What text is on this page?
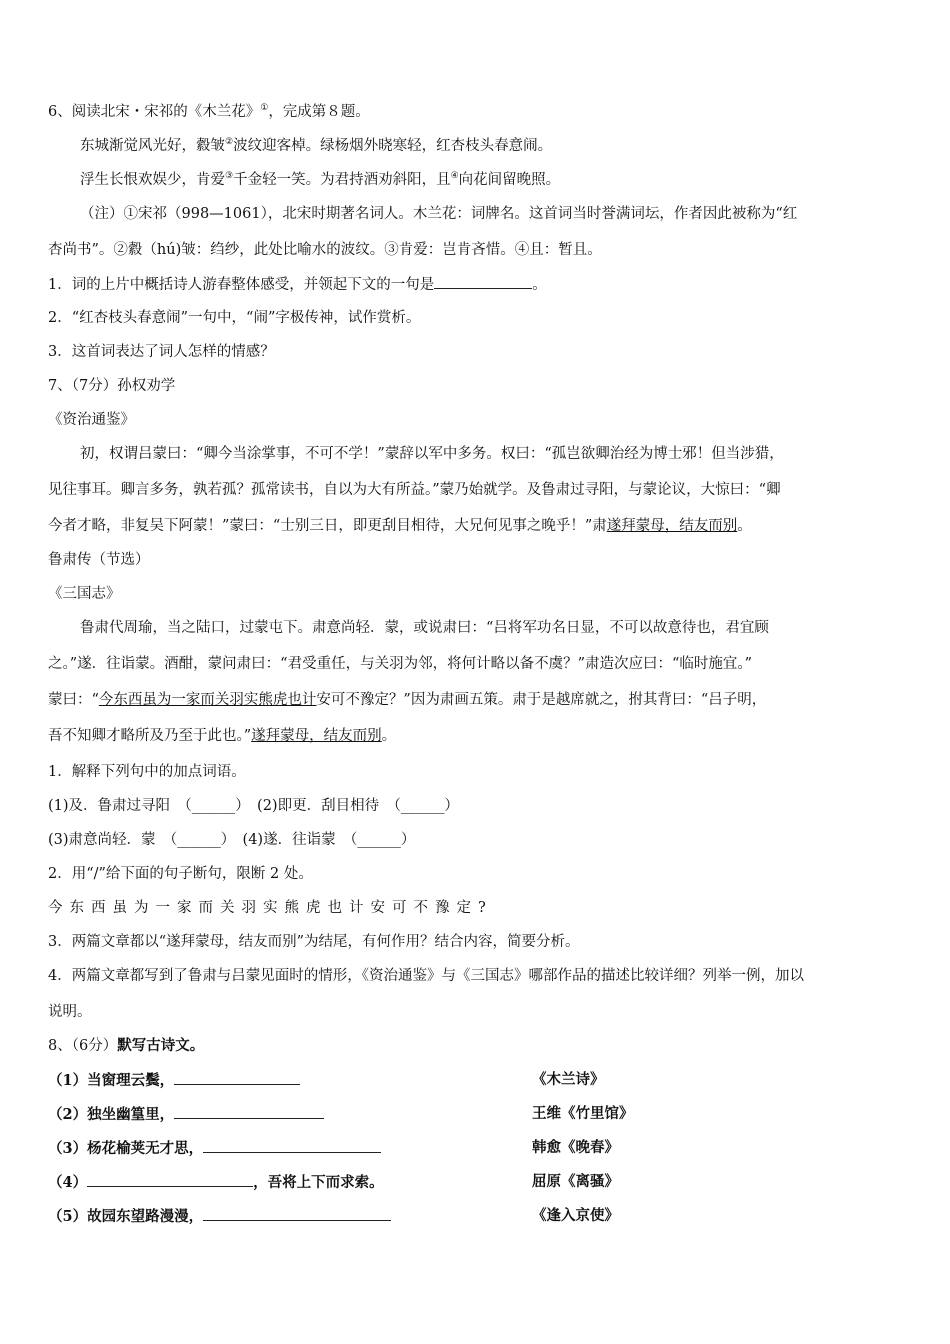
6、阅读北宋・宋祁的《木兰花》①，完成第８题。
东城渐觉风光好，縠皱②波纹迎客棹。绿杨烟外晓寒轻，红杏枝头春意闹。
浮生长恨欢娱少，肯爱③千金轻一笑。为君持酒劝斜阳，且④向花间留晚照。
（注）①宋祁（998—1061），北宋时期著名词人。木兰花：词牌名。这首词当时誉满词坛，作者因此被称为“红
杏尚书”。②縠（hú)皱：绉纱，此处比喻水的波纹。③肯爱：岂肯吝惜。④且：暂且。
1．词的上片中概括诗人游春整体感受，并领起下文的一句是	。
2．“红杏枝头春意闹”一句中，“闹”字极传神，试作赏析。
3．这首词表达了词人怎样的情感？
7、（7分）孙权劝学
《资治通鉴》
初，权谓吕蒙曰：“卿今当涂掌事，不可不学！”蒙辞以军中多务。权曰：“孤岂欲卿治经为博士邪！但当涉猎，
见往事耳。卿言多务，孰若孤？孤常读书，自以为大有所益。”蒙乃始就学。及鲁肃过寻阳，与蒙论议，大惊曰：“卿
今者才略，非复吴下阿蒙！”蒙曰：“士别三日，即更刮目相待，大兄何见事之晚乎！”肃遂拜蒙母，结友而别。
鲁肃传（节选）
《三国志》
鲁肃代周瑜，当之陆口，过蒙屯下。肃意尚轻．蒙，或说肃曰：“吕将军功名日显，不可以故意待也，君宜顾
之。”遂．往诣蒙。酒酣，蒙问肃曰：“君受重任，与关羽为邻，将何计略以备不虞？”肃造次应曰：“临时施宜。”
蒙曰：“今东西虽为一家而关羽实熊虎也计安可不豫定？”因为肃画五策。肃于是越席就之，拊其背曰：“吕子明，
吾不知卿才略所及乃至于此也。”遂拜蒙母，结友而别。
1．解释下列句中的加点词语。
(1)及．鲁肃过寻阳　（______）　(2)即更．刮目相待　（______）
(3)肃意尚轻．蒙　（______）　(4)遂．往诣蒙　（______）
2．用“/”给下面的句子断句，限断 2 处。
今东西虽为一家而关羽实熊虎也计安可不豫定?
3．两篇文章都以“遂拜蒙母，结友而别”为结尾，有何作用？结合内容，简要分析。
4．两篇文章都写到了鲁肃与吕蒙见面时的情形，《资治通鉴》与《三国志》哪部作品的描述比较详细？列举一例，加以
说明。
8、（6分）默写古诗文。
（1）当窗理云鬓，	《木兰诗》
（2）独坐幽篁里，	王维《竹里馆》
（3）杨花榆荚无才思，	韩愈《晚春》
（4）	，吾将上下而求索。	屈原《离骚》
（5）故园东望路漫漫，	《逢入京使》
